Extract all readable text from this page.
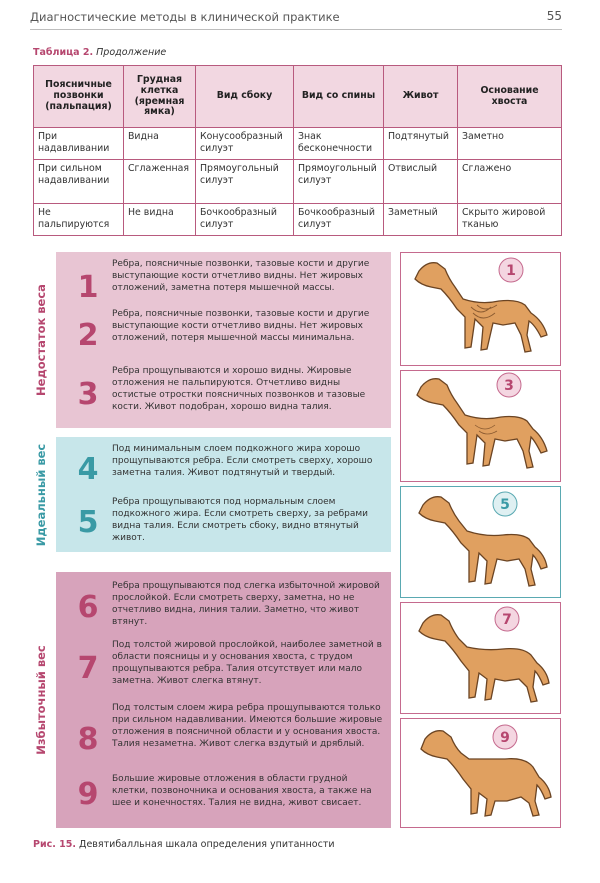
Диагностические методы в клинической практике	55
Таблица 2. Продолжение
Поясничные позвонки (пальпация)	Грудная клетка (яремная ямка)	Вид сбоку	Вид со спины	Живот	Основание хвоста
При надавливании	Видна	Конусообразный силуэт	Знак бесконечности	Подтянутый	Заметно
При сильном надавливании	Сглаженная	Прямоугольный силуэт	Прямоугольный силуэт	Отвислый	Сглажено
Не пальпируются	Не видна	Бочкообразный силуэт	Бочкообразный силуэт	Заметный	Скрыто жировой тканью
Недостаток веса
Идеальный вес
Избыточный вес
1
Ребра, поясничные позвонки, тазовые кости и другие выступающие кости отчетливо видны. Нет жировых отложений, заметна потеря мышечной массы.
2
Ребра, поясничные позвонки, тазовые кости и другие выступающие кости отчетливо видны. Нет жировых отложений, потеря мышечной массы минимальна.
3
Ребра прощупываются и хорошо видны. Жировые отложения не пальпируются. Отчетливо видны остистые отростки поясничных позвонков и тазовые кости. Живот подобран, хорошо видна талия.
4
Под минимальным слоем подкожного жира хорошо прощупываются ребра. Если смотреть сверху, хорошо заметна талия. Живот подтянутый и твердый.
5
Ребра прощупываются под нормальным слоем подкожного жира. Если смотреть сверху, за ребрами видна талия. Если смотреть сбоку, видно втянутый живот.
6
Ребра прощупываются под слегка избыточной жировой прослойкой. Если смотреть сверху, заметна, но не отчетливо видна, линия талии. Заметно, что живот втянут.
7
Под толстой жировой прослойкой, наиболее заметной в области поясницы и у основания хвоста, с трудом прощупываются ребра. Талия отсутствует или мало заметна. Живот слегка втянут.
8
Под толстым слоем жира ребра прощупываются только при сильном надавливании. Имеются большие жировые отложения в поясничной области и у основания хвоста. Талия незаметна. Живот слегка вздутый и дряблый.
9	Большие жировые отложения в области грудной клетки, позвоночника и основания хвоста, а также на шее и конечностях. Талия не видна, живот свисает.
1
3
5
7
9
Рис. 15. Девятибалльная шкала определения упитанности
